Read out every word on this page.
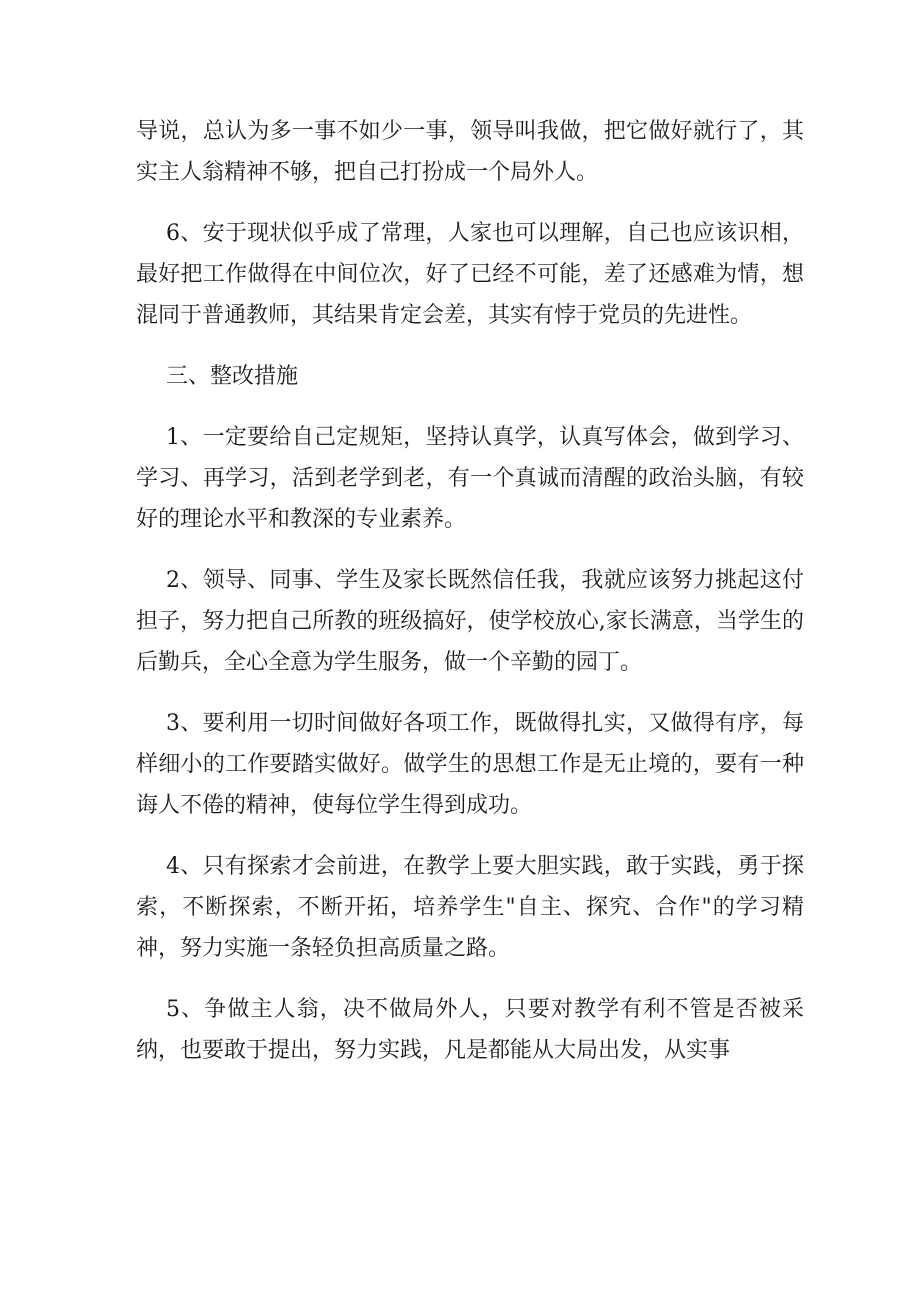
导说，总认为多一事不如少一事，领导叫我做，把它做好就行了，其实主人翁精神不够，把自己打扮成一个局外人。

6、安于现状似乎成了常理，人家也可以理解，自己也应该识相，最好把工作做得在中间位次，好了已经不可能，差了还感难为情，想混同于普通教师，其结果肯定会差，其实有悖于党员的先进性。

三、整改措施

1、一定要给自己定规矩，坚持认真学，认真写体会，做到学习、学习、再学习，活到老学到老，有一个真诚而清醒的政治头脑，有较好的理论水平和教深的专业素养。

2、领导、同事、学生及家长既然信任我，我就应该努力挑起这付担子，努力把自己所教的班级搞好，使学校放心,家长满意，当学生的后勤兵，全心全意为学生服务，做一个辛勤的园丁。

3、要利用一切时间做好各项工作，既做得扎实，又做得有序，每样细小的工作要踏实做好。做学生的思想工作是无止境的，要有一种诲人不倦的精神，使每位学生得到成功。

4、只有探索才会前进，在教学上要大胆实践，敢于实践，勇于探索，不断探索，不断开拓，培养学生"自主、探究、合作"的学习精神，努力实施一条轻负担高质量之路。

5、争做主人翁，决不做局外人，只要对教学有利不管是否被采纳，也要敢于提出，努力实践，凡是都能从大局出发，从实事
